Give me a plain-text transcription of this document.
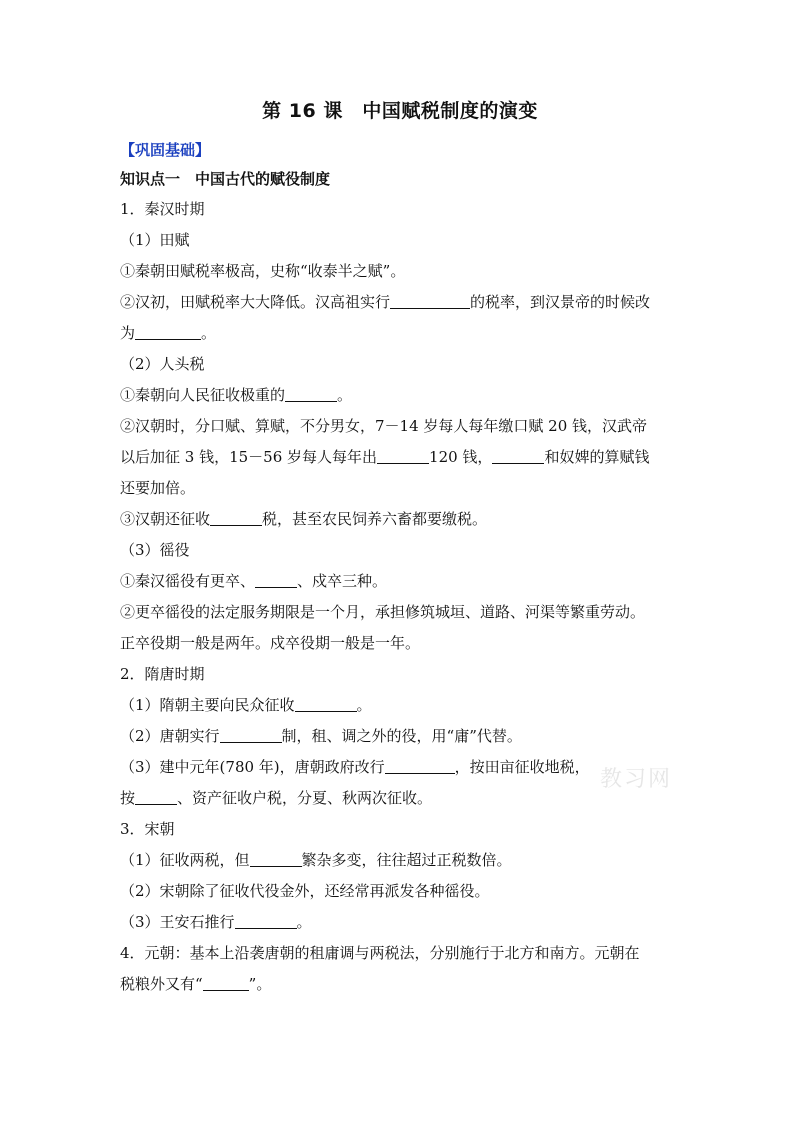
第 16 课　中国赋税制度的演变
【巩固基础】
知识点一　中国古代的赋役制度
1．秦汉时期
（1）田赋
①秦朝田赋税率极高，史称“收泰半之赋”。
②汉初，田赋税率大大降低。汉高祖实行	的税率，到汉景帝的时候改
为	。
（2）人头税
①秦朝向人民征收极重的	。
②汉朝时，分口赋、算赋，不分男女，7－14 岁每人每年缴口赋 20 钱，汉武帝
以后加征 3 钱，15－56 岁每人每年出	120 钱，	和奴婢的算赋钱
还要加倍。
③汉朝还征收	税，甚至农民饲养六畜都要缴税。
（3）徭役
①秦汉徭役有更卒、	、戍卒三种。
②更卒徭役的法定服务期限是一个月，承担修筑城垣、道路、河渠等繁重劳动。
正卒役期一般是两年。戍卒役期一般是一年。
2．隋唐时期
（1）隋朝主要向民众征收	。
（2）唐朝实行	制，租、调之外的役，用“庸”代替。
（3）建中元年(780 年)，唐朝政府改行	，按田亩征收地税，
按	、资产征收户税，分夏、秋两次征收。
3．宋朝
（1）征收两税，但	繁杂多变，往往超过正税数倍。
（2）宋朝除了征收代役金外，还经常再派发各种徭役。
（3）王安石推行	。
4．元朝：基本上沿袭唐朝的租庸调与两税法，分别施行于北方和南方。元朝在
税粮外又有“	”。
教习网
